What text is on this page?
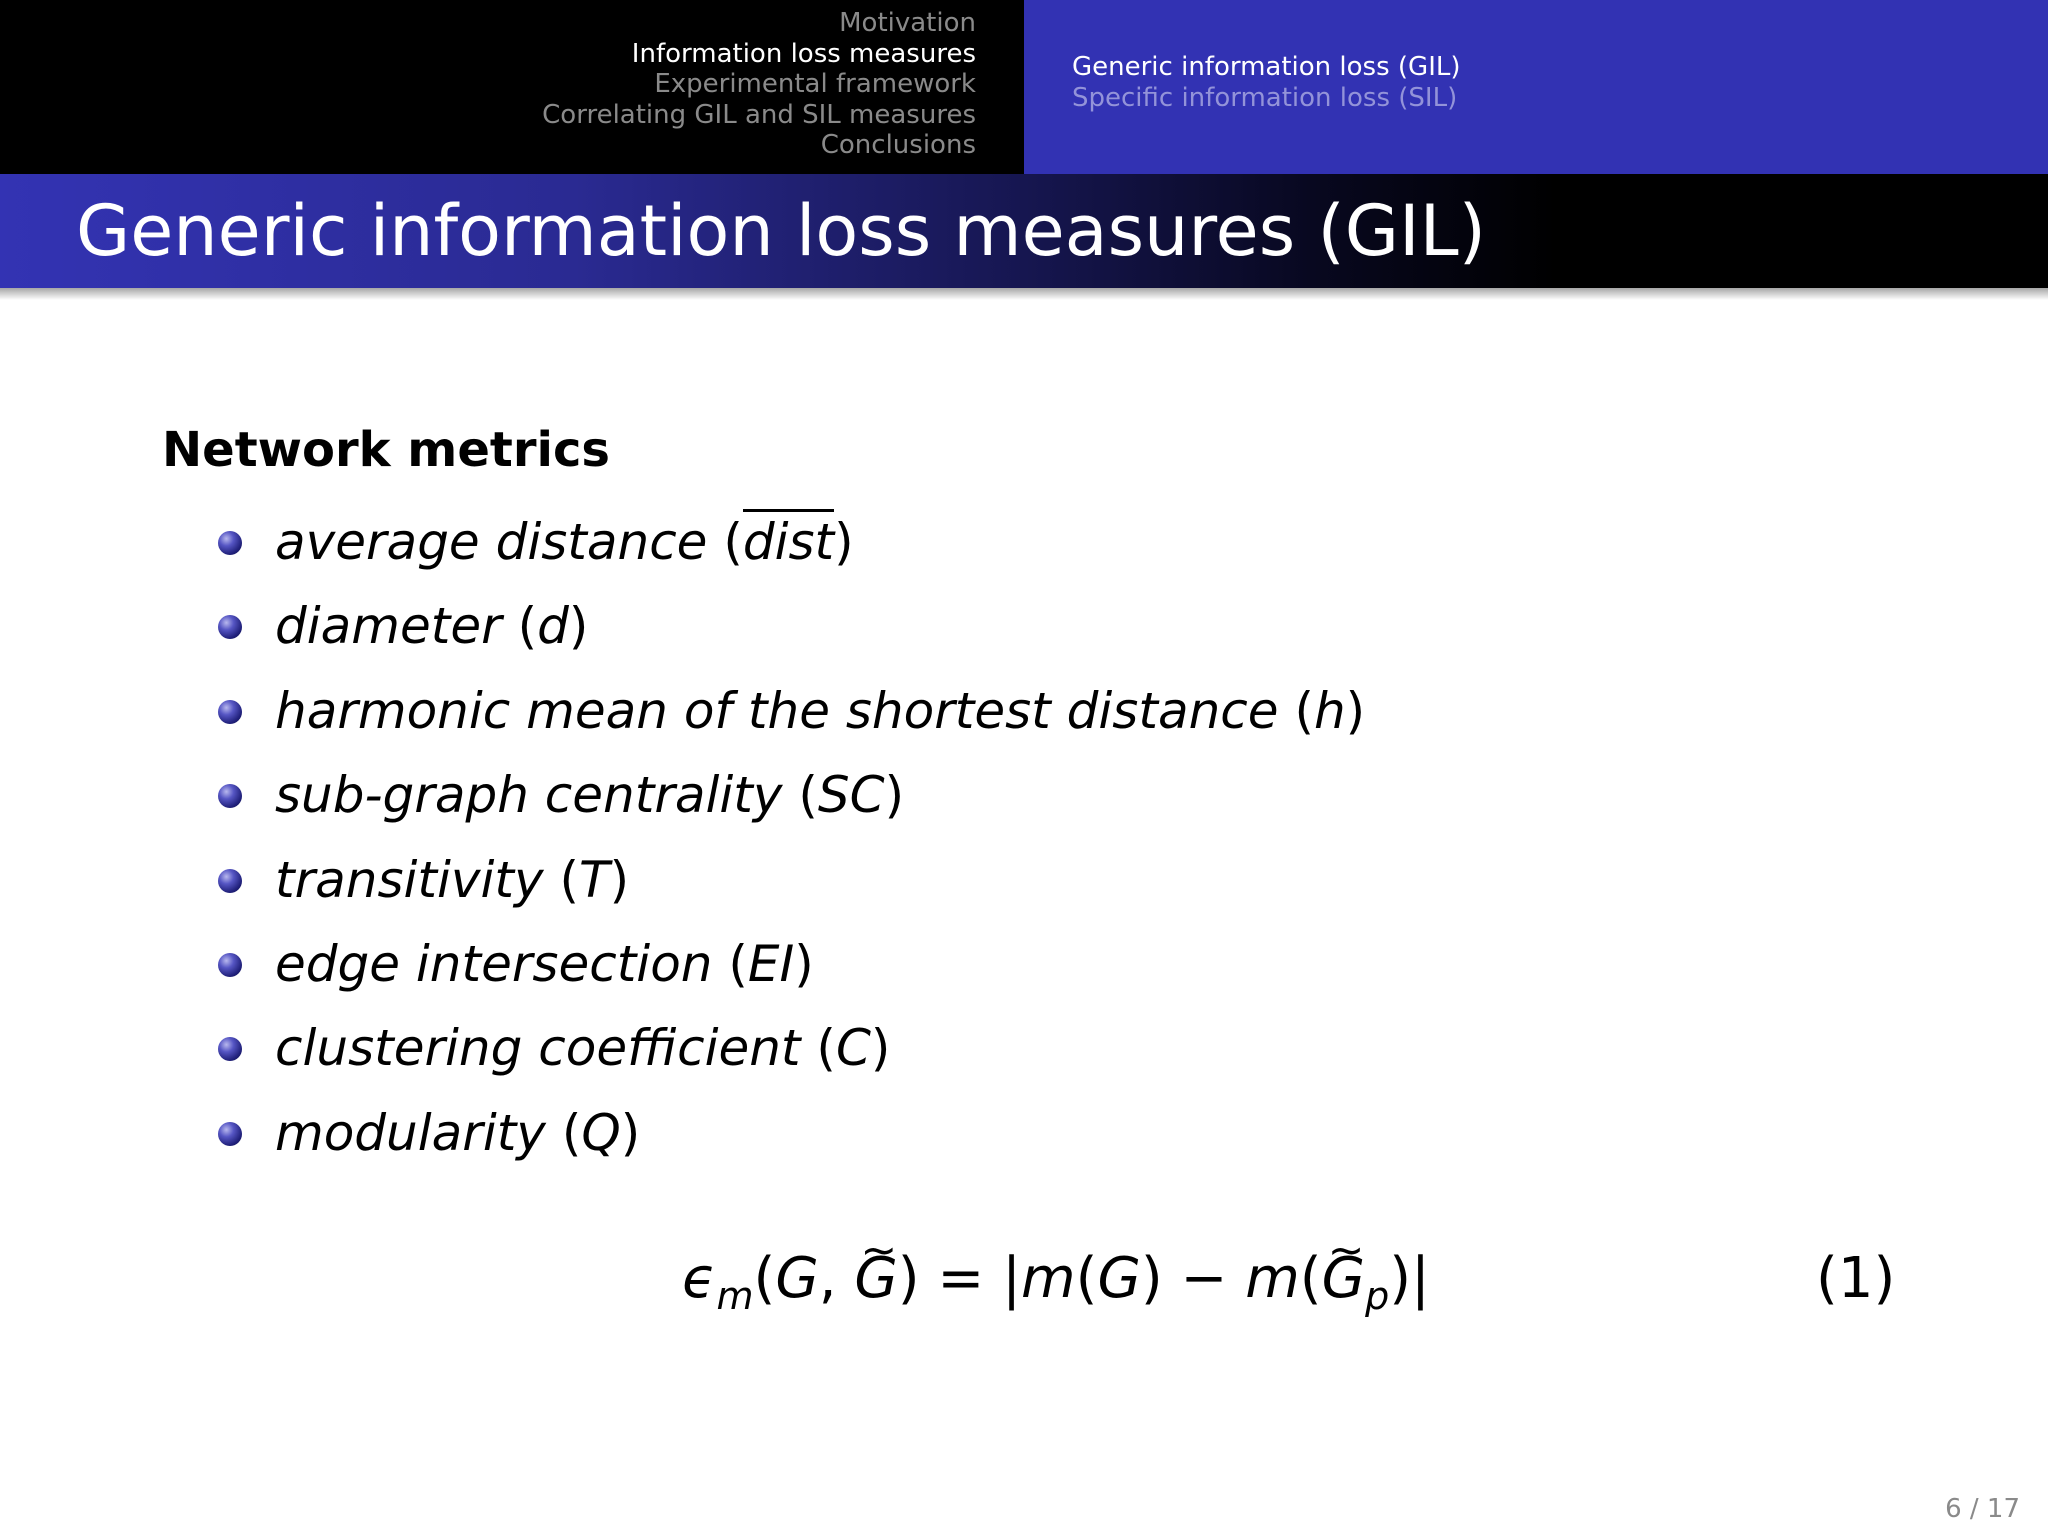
Motivation
Information loss measures
Experimental framework
Correlating GIL and SIL measures
Conclusions
Generic information loss (GIL)
Specific information loss (SIL)
Generic information loss measures (GIL)
Network metrics
average distance (dist)
diameter (d)
harmonic mean of the shortest distance (h)
sub-graph centrality (SC)
transitivity (T)
edge intersection (EI)
clustering coefficient (C)
modularity (Q)
$\epsilon_m(G$, ~ G) = |m(G) − m(~ $G_p)|$	(1)
6 / 17
